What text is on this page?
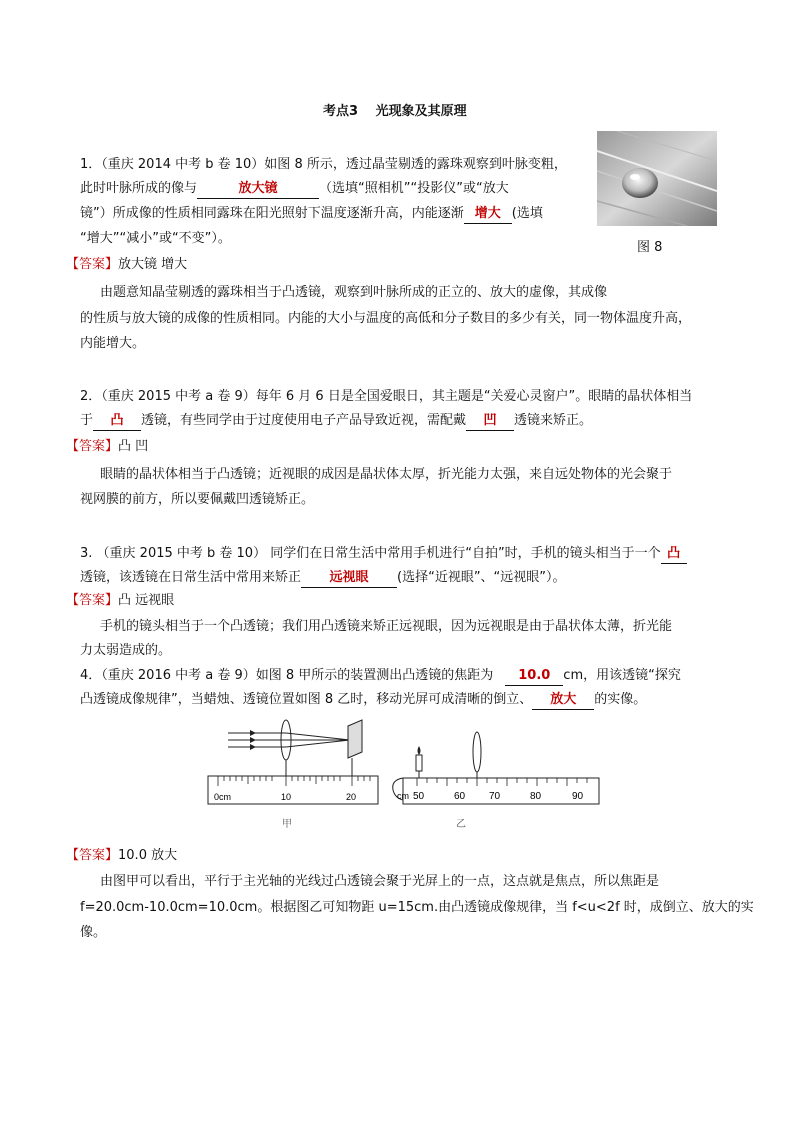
考点3　 光现象及其原理
图 8
1．（重庆 2014 中考 b 卷 10）如图 8 所示，透过晶莹剔透的露珠观察到叶脉变粗，
此时叶脉所成的像与	放大镜	（选填“照相机”“投影仪”或“放大
镜”）所成像的性质相同露珠在阳光照射下温度逐渐升高，内能逐渐 增大 (选填
“增大”“减小”或“不变”）。
【答案】放大镜 增大
由题意知晶莹剔透的露珠相当于凸透镜，观察到叶脉所成的正立的、放大的虚像，其成像
的性质与放大镜的成像的性质相同。内能的大小与温度的高低和分子数目的多少有关，同一物体温度升高，
内能增大。
2．（重庆 2015 中考 a 卷 9）每年 6 月 6 日是全国爱眼日，其主题是“关爱心灵窗户”。眼睛的晶状体相当
于 凸 透镜，有些同学由于过度使用电子产品导致近视，需配戴 凹 透镜来矫正。
【答案】凸 凹
眼睛的晶状体相当于凸透镜；近视眼的成因是晶状体太厚，折光能力太强，来自远处物体的光会聚于
视网膜的前方，所以要佩戴凹透镜矫正。
3. （重庆 2015 中考 b 卷 10） 同学们在日常生活中常用手机进行“自拍”时，手机的镜头相当于一个 凸
透镜，该透镜在日常生活中常用来矫正 远视眼 (选择“近视眼”、“远视眼”）。
【答案】凸 远视眼
手机的镜头相当于一个凸透镜；我们用凸透镜来矫正远视眼，因为远视眼是由于晶状体太薄，折光能
力太弱造成的。
4．（重庆 2016 中考 a 卷 9）如图 8 甲所示的装置测出凸透镜的焦距为 10.0 cm，用该透镜“探究
凸透镜成像规律”，当蜡烛、透镜位置如图 8 乙时，移动光屏可成清晰的倒立、 放大 的实像。
0cm	10	20
甲
cm 50	60 70	80	90
乙
【答案】10.0 放大
由图甲可以看出，平行于主光轴的光线过凸透镜会聚于光屏上的一点，这点就是焦点，所以焦距是
f=20.0cm-10.0cm=10.0cm。根据图乙可知物距 u=15cm.由凸透镜成像规律，当 f<u<2f 时，成倒立、放大的实
像。
